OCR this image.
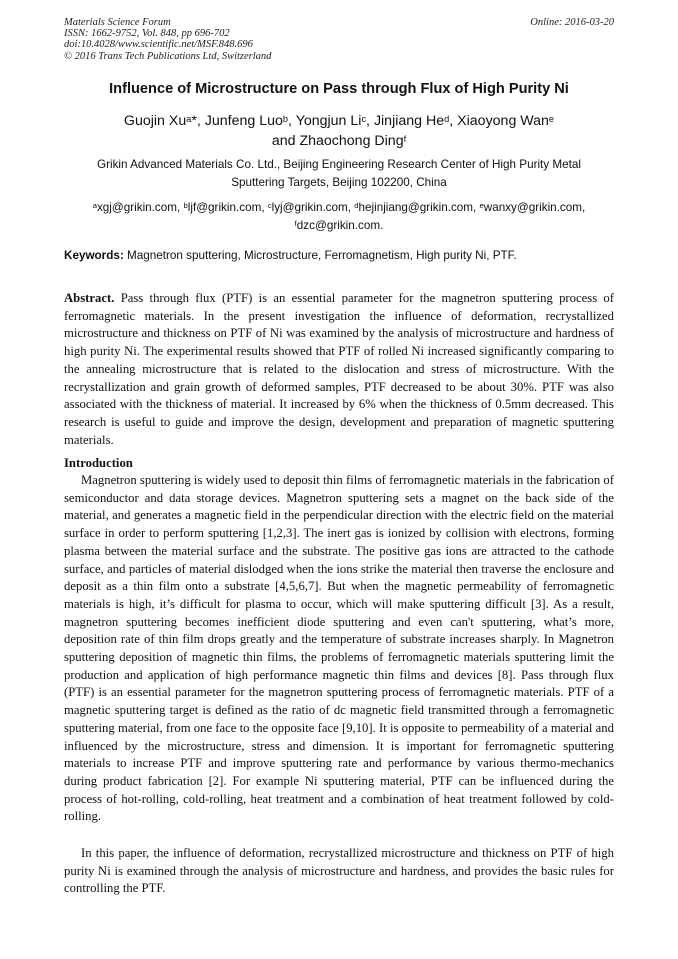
Materials Science Forum
ISSN: 1662-9752, Vol. 848, pp 696-702
doi:10.4028/www.scientific.net/MSF.848.696
© 2016 Trans Tech Publications Ltd, Switzerland
Online: 2016-03-20
Influence of Microstructure on Pass through Flux of High Purity Ni
Guojin Xu$^a$*, Junfeng Luo$^b$, Yongjun Li$^c$, Jinjiang He$^d$, Xiaoyong Wan$^e$
and Zhaochong Ding$^f$
Grikin Advanced Materials Co. Ltd., Beijing Engineering Research Center of High Purity Metal Sputtering Targets, Beijing 102200, China
$^a$xgj@grikin.com, $^b$ljf@grikin.com, $^c$lyj@grikin.com, $^d$hejinjiang@grikin.com, $^e$wanxy@grikin.com,
$^f$dzc@grikin.com.
Keywords: Magnetron sputtering, Microstructure, Ferromagnetism, High purity Ni, PTF.
Abstract. Pass through flux (PTF) is an essential parameter for the magnetron sputtering process of ferromagnetic materials. In the present investigation the influence of deformation, recrystallized microstructure and thickness on PTF of Ni was examined by the analysis of microstructure and hardness of high purity Ni. The experimental results showed that PTF of rolled Ni increased significantly comparing to the annealing microstructure that is related to the dislocation and stress of microstructure. With the recrystallization and grain growth of deformed samples, PTF decreased to be about 30%. PTF was also associated with the thickness of material. It increased by 6% when the thickness of 0.5mm decreased. This research is useful to guide and improve the design, development and preparation of magnetic sputtering materials.
Introduction
Magnetron sputtering is widely used to deposit thin films of ferromagnetic materials in the fabrication of semiconductor and data storage devices. Magnetron sputtering sets a magnet on the back side of the material, and generates a magnetic field in the perpendicular direction with the electric field on the material surface in order to perform sputtering [1,2,3]. The inert gas is ionized by collision with electrons, forming plasma between the material surface and the substrate. The positive gas ions are attracted to the cathode surface, and particles of material dislodged when the ions strike the material then traverse the enclosure and deposit as a thin film onto a substrate [4,5,6,7]. But when the magnetic permeability of ferromagnetic materials is high, it’s difficult for plasma to occur, which will make sputtering difficult [3]. As a result, magnetron sputtering becomes inefficient diode sputtering and even can't sputtering, what’s more, deposition rate of thin film drops greatly and the temperature of substrate increases sharply. In Magnetron sputtering deposition of magnetic thin films, the problems of ferromagnetic materials sputtering limit the production and application of high performance magnetic thin films and devices [8]. Pass through flux (PTF) is an essential parameter for the magnetron sputtering process of ferromagnetic materials. PTF of a magnetic sputtering target is defined as the ratio of dc magnetic field transmitted through a ferromagnetic sputtering material, from one face to the opposite face [9,10]. It is opposite to permeability of a material and influenced by the microstructure, stress and dimension. It is important for ferromagnetic sputtering materials to increase PTF and improve sputtering rate and performance by various thermo-mechanics during product fabrication [2]. For example Ni sputtering material, PTF can be influenced during the process of hot-rolling, cold-rolling, heat treatment and a combination of heat treatment followed by cold-rolling.
In this paper, the influence of deformation, recrystallized microstructure and thickness on PTF of high purity Ni is examined through the analysis of microstructure and hardness, and provides the basic rules for controlling the PTF.
